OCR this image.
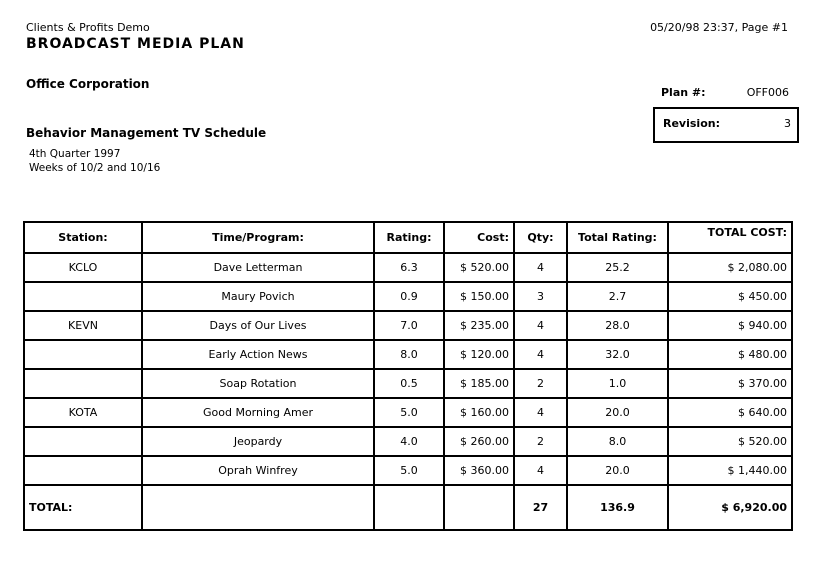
Clients & Profits Demo
BROADCAST MEDIA PLAN
05/20/98 23:37, Page #1
Office Corporation
Plan #:	OFF006
Revision:	3
Behavior Management TV Schedule
4th Quarter 1997
Weeks of 10/2 and 10/16
Station:	Time/Program:	Rating:	Cost:	Qty:	Total Rating:	TOTAL COST:
KCLO	Dave Letterman	6.3	$ 520.00	4	25.2	$ 2,080.00
	Maury Povich	0.9	$ 150.00	3	2.7	$ 450.00
KEVN	Days of Our Lives	7.0	$ 235.00	4	28.0	$ 940.00
	Early Action News	8.0	$ 120.00	4	32.0	$ 480.00
	Soap Rotation	0.5	$ 185.00	2	1.0	$ 370.00
KOTA	Good Morning Amer	5.0	$ 160.00	4	20.0	$ 640.00
	Jeopardy	4.0	$ 260.00	2	8.0	$ 520.00
	Oprah Winfrey	5.0	$ 360.00	4	20.0	$ 1,440.00
TOTAL:				27	136.9	$ 6,920.00
